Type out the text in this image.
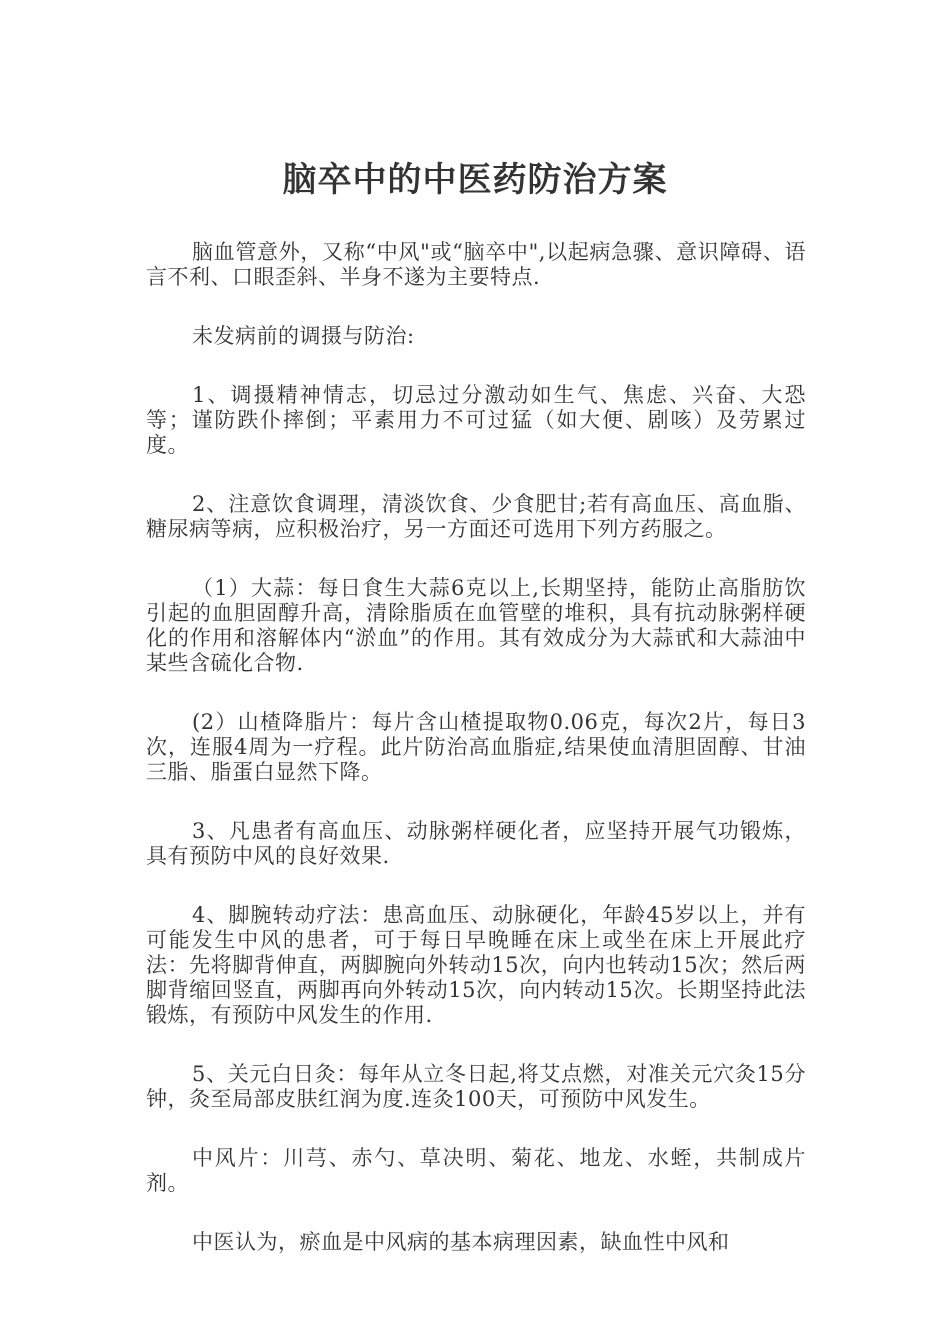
脑卒中的中医药防治方案

脑血管意外，又称“中风"或“脑卒中",以起病急骤、意识障碍、语言不利、口眼歪斜、半身不遂为主要特点.

未发病前的调摄与防治:

1、调摄精神情志，切忌过分激动如生气、焦虑、兴奋、大恐等；谨防跌仆摔倒；平素用力不可过猛（如大便、剧咳）及劳累过度。

2、注意饮食调理，清淡饮食、少食肥甘;若有高血压、高血脂、糖尿病等病，应积极治疗，另一方面还可选用下列方药服之。

（1）大蒜：每日食生大蒜6克以上,长期坚持，能防止高脂肪饮引起的血胆固醇升高，清除脂质在血管壁的堆积，具有抗动脉粥样硬化的作用和溶解体内“淤血”的作用。其有效成分为大蒜甙和大蒜油中某些含硫化合物.

(2）山楂降脂片：每片含山楂提取物0.06克，每次2片，每日3次，连服4周为一疗程。此片防治高血脂症,结果使血清胆固醇、甘油三脂、脂蛋白显然下降。

3、凡患者有高血压、动脉粥样硬化者，应坚持开展气功锻炼，具有预防中风的良好效果.

4、脚腕转动疗法：患高血压、动脉硬化，年龄45岁以上，并有可能发生中风的患者，可于每日早晚睡在床上或坐在床上开展此疗法：先将脚背伸直，两脚腕向外转动15次，向内也转动15次；然后两脚背缩回竖直，两脚再向外转动15次，向内转动15次。长期坚持此法锻炼，有预防中风发生的作用.

5、关元白日灸：每年从立冬日起,将艾点燃，对准关元穴灸15分钟，灸至局部皮肤红润为度.连灸100天，可预防中风发生。

中风片：川芎、赤勺、草决明、菊花、地龙、水蛭，共制成片剂。

中医认为，瘀血是中风病的基本病理因素，缺血性中风和
